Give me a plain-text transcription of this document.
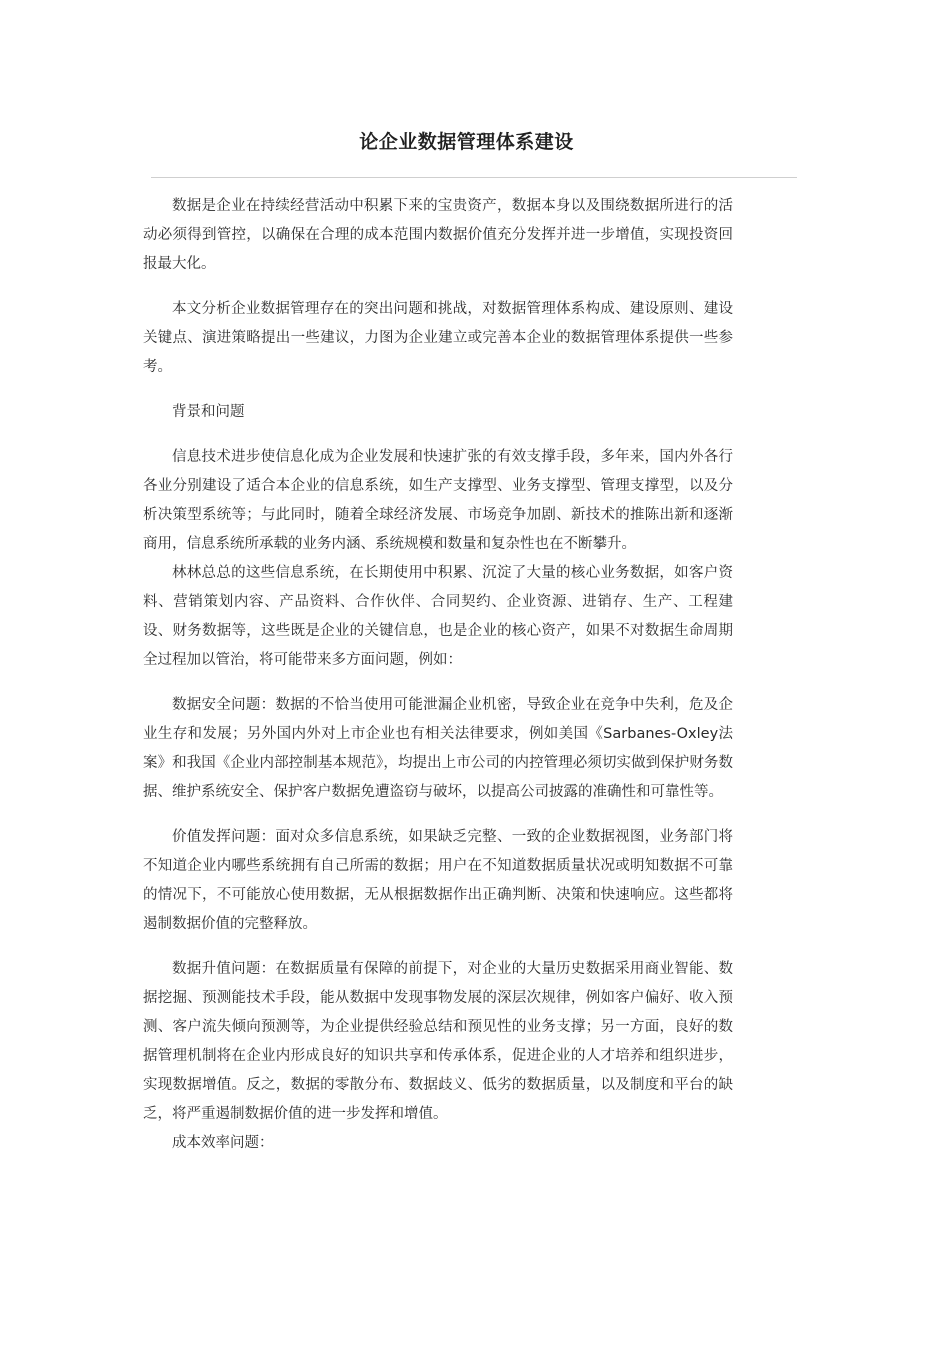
论企业数据管理体系建设

数据是企业在持续经营活动中积累下来的宝贵资产，数据本身以及围绕数据所进行的活动必须得到管控，以确保在合理的成本范围内数据价值充分发挥并进一步增值，实现投资回报最大化。

本文分析企业数据管理存在的突出问题和挑战，对数据管理体系构成、建设原则、建设关键点、演进策略提出一些建议，力图为企业建立或完善本企业的数据管理体系提供一些参考。

背景和问题

信息技术进步使信息化成为企业发展和快速扩张的有效支撑手段，多年来，国内外各行各业分别建设了适合本企业的信息系统，如生产支撑型、业务支撑型、管理支撑型，以及分析决策型系统等；与此同时，随着全球经济发展、市场竞争加剧、新技术的推陈出新和逐渐商用，信息系统所承载的业务内涵、系统规模和数量和复杂性也在不断攀升。

林林总总的这些信息系统，在长期使用中积累、沉淀了大量的核心业务数据，如客户资料、营销策划内容、产品资料、合作伙伴、合同契约、企业资源、进销存、生产、工程建设、财务数据等，这些既是企业的关键信息，也是企业的核心资产，如果不对数据生命周期全过程加以管治，将可能带来多方面问题，例如：

数据安全问题：数据的不恰当使用可能泄漏企业机密，导致企业在竞争中失利，危及企业生存和发展；另外国内外对上市企业也有相关法律要求，例如美国《Sarbanes-Oxley法案》和我国《企业内部控制基本规范》，均提出上市公司的内控管理必须切实做到保护财务数据、维护系统安全、保护客户数据免遭盗窃与破坏，以提高公司披露的准确性和可靠性等。

价值发挥问题：面对众多信息系统，如果缺乏完整、一致的企业数据视图，业务部门将不知道企业内哪些系统拥有自己所需的数据；用户在不知道数据质量状况或明知数据不可靠的情况下，不可能放心使用数据，无从根据数据作出正确判断、决策和快速响应。这些都将遏制数据价值的完整释放。

数据升值问题：在数据质量有保障的前提下，对企业的大量历史数据采用商业智能、数据挖掘、预测能技术手段，能从数据中发现事物发展的深层次规律，例如客户偏好、收入预测、客户流失倾向预测等，为企业提供经验总结和预见性的业务支撑；另一方面，良好的数据管理机制将在企业内形成良好的知识共享和传承体系，促进企业的人才培养和组织进步，实现数据增值。反之，数据的零散分布、数据歧义、低劣的数据质量，以及制度和平台的缺乏，将严重遏制数据价值的进一步发挥和增值。

成本效率问题：
